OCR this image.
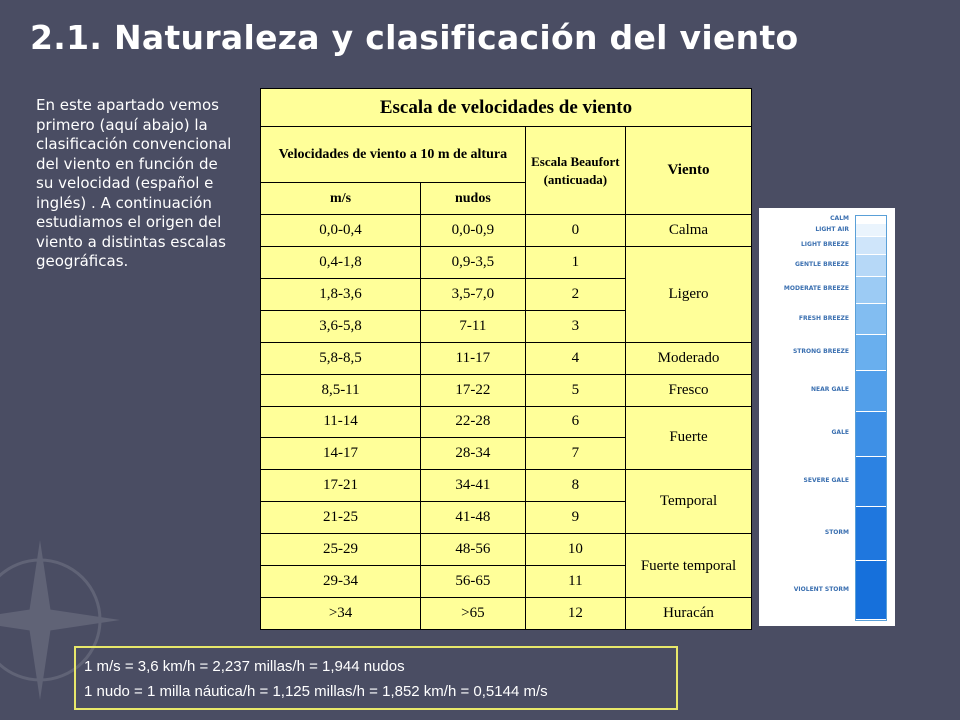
2.1. Naturaleza y clasificación del viento

En este apartado vemos primero (aquí abajo) la clasificación convencional del viento en función de su velocidad (español e inglés) . A continuación estudiamos el origen del viento a distintas escalas geográficas.

Escala de velocidades de viento			
Velocidades de viento a 10 m de altura		Escala Beaufort (anticuada)	Viento
m/s	nudos		
0,0-0,4	0,0-0,9	0	Calma
0,4-1,8	0,9-3,5	1	Ligero
1,8-3,6	3,5-7,0	2	
3,6-5,8	7-11	3	
5,8-8,5	11-17	4	Moderado
8,5-11	17-22	5	Fresco
11-14	22-28	6	Fuerte
14-17	28-34	7	
17-21	34-41	8	Temporal
21-25	41-48	9	
25-29	48-56	10	Fuerte temporal
29-34	56-65	11	
>34	>65	12	Huracán
CALM
LIGHT AIR
LIGHT BREEZE
GENTLE BREEZE
MODERATE BREEZE
FRESH BREEZE
STRONG BREEZE
NEAR GALE
GALE
SEVERE GALE
STORM
VIOLENT STORM
1 m/s = 3,6 km/h = 2,237 millas/h = 1,944 nudos
1 nudo = 1 milla náutica/h = 1,125 millas/h = 1,852 km/h = 0,5144 m/s
